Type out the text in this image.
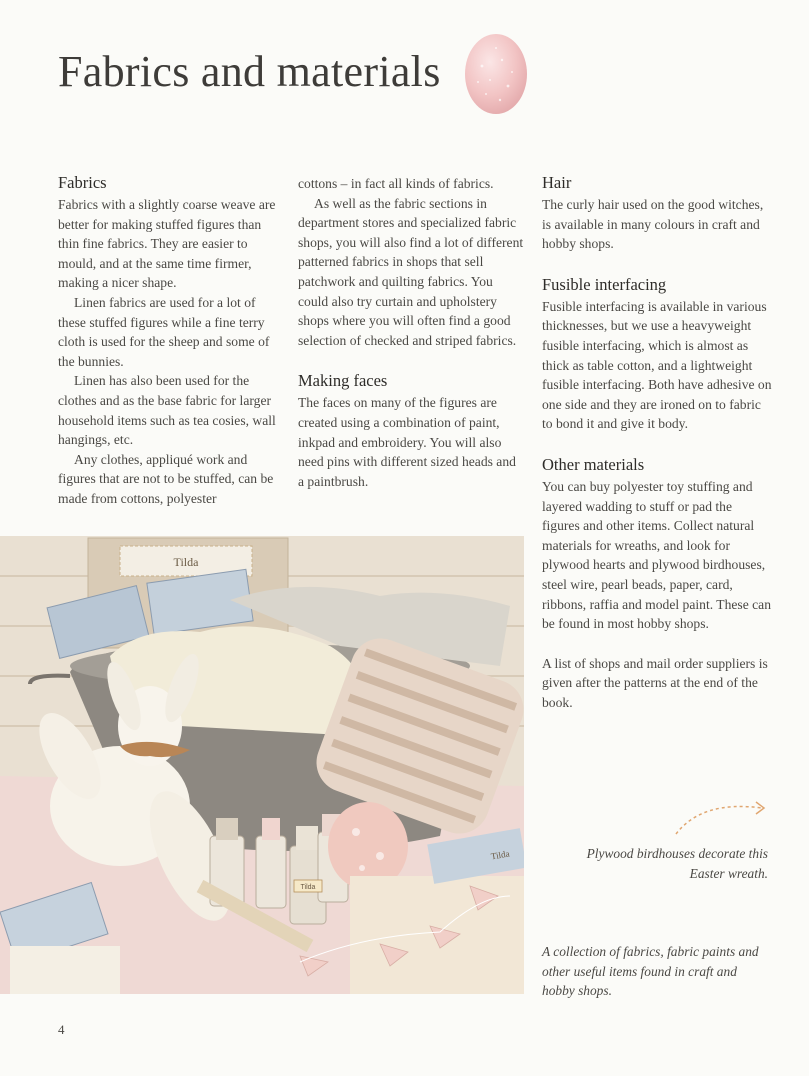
Fabrics and materials
Fabrics

Fabrics with a slightly coarse weave are better for making stuffed figures than thin fine fabrics. They are easier to mould, and at the same time firmer, making a nicer shape.

Linen fabrics are used for a lot of these stuffed figures while a fine terry cloth is used for the sheep and some of the bunnies.

Linen has also been used for the clothes and as the base fabric for larger household items such as tea cosies, wall hangings, etc.

Any clothes, appliqué work and figures that are not to be stuffed, can be made from cottons, polyester

cottons – in fact all kinds of fabrics.

As well as the fabric sections in department stores and specialized fabric shops, you will also find a lot of different patterned fabrics in shops that sell patchwork and quilting fabrics. You could also try curtain and upholstery shops where you will often find a good selection of checked and striped fabrics.

Making faces

The faces on many of the figures are created using a combination of paint, inkpad and embroidery. You will also need pins with different sized heads and a paintbrush.

Hair

The curly hair used on the good witches, is available in many colours in craft and hobby shops.

Fusible interfacing

Fusible interfacing is available in various thicknesses, but we use a heavyweight fusible interfacing, which is almost as thick as table cotton, and a lightweight fusible interfacing. Both have adhesive on one side and they are ironed on to fabric to bond it and give it body.

Other materials

You can buy polyester toy stuffing and layered wadding to stuff or pad the figures and other items. Collect natural materials for wreaths, and look for plywood hearts and plywood birdhouses, steel wire, pearl beads, paper, card, ribbons, raffia and model paint. These can be found in most hobby shops.

A list of shops and mail order suppliers is given after the patterns at the end of the book.

Tilda
Tilda
Tilda	Plywood birdhouses decorate this Easter wreath.

A collection of fabrics, fabric paints and other useful items found in craft and hobby shops.

4
